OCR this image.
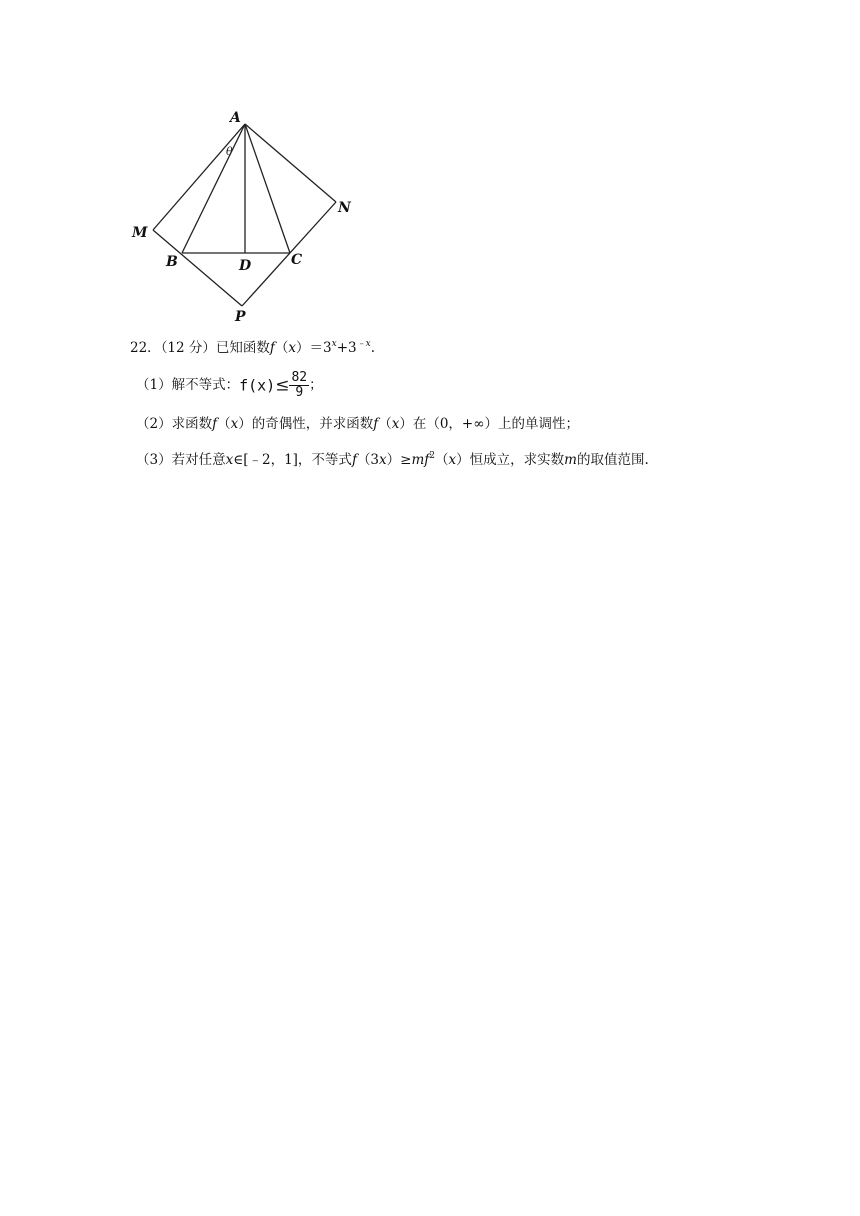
A
M
N
B	D	C
P
θ
22．（12 分）已知函数$f(x)=3^x+3^{﹣x}$.
（1）解不等式：$f(x)\le \frac{82}{9}$ ；
（2）求函数f（x）的奇偶性，并求函数f（x）在（0，+∞）上的单调性；
（3）若对任意x∈[﹣2，1]，不等式$f(3x)\ge mf^2(x)$恒成立，求实数m的取值范围.
